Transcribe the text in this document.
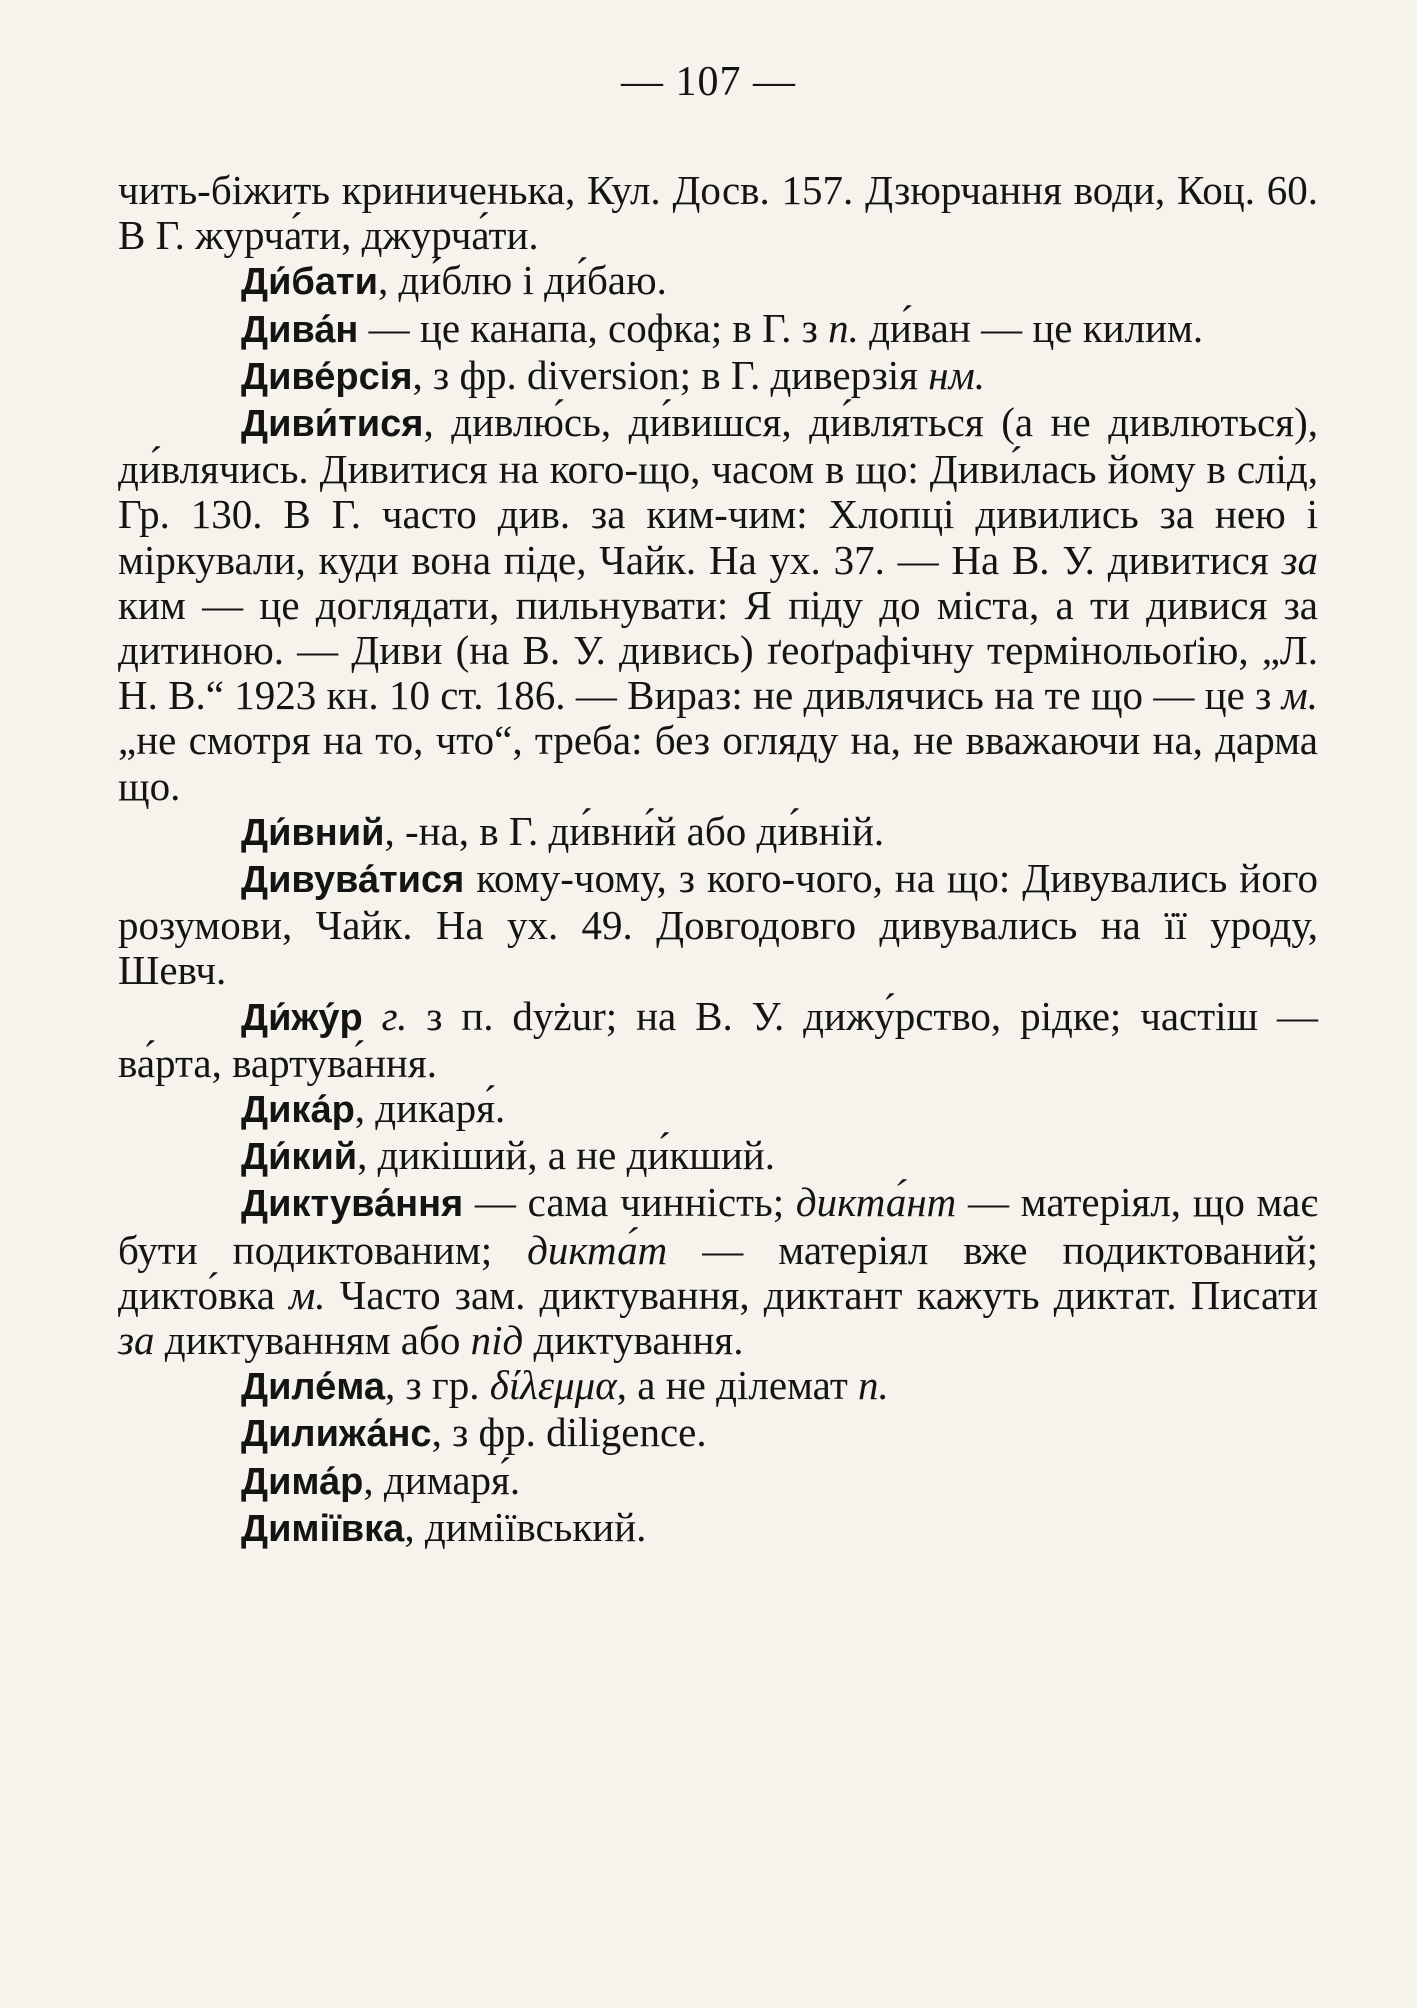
— 107 —

чить-біжить криниченька, Кул. Досв. 157. Дзюрчання води, Коц. 60. В Г. журча́ти, джурча́ти.

Ди́бати, ди́блю і ди́баю.

Дива́н — це канапа, софка; в Г. з п. ди́ван — це килим.

Диве́рсія, з фр. diversion; в Г. диверзія нм.

Диви́тися, дивлю́сь, ди́вишся, ди́вляться (а не дивлються), ди́влячись. Дивитися на кого-що, часом в що: Диви́лась йому в слід, Гр. 130. В Г. часто див. за ким-чим: Хлопці дивились за нею і міркували, куди вона піде, Чайк. На ух. 37. — На В. У. дивитися за ким — це доглядати, пильнувати: Я піду до міста, а ти дивися за дитиною. — Диви (на В. У. дивись) ґеоґрафічну термінольоґію, „Л. Н. В.“ 1923 кн. 10 ст. 186. — Вираз: не дивлячись на те що — це з м. „не смотря на то, что“, треба: без огляду на, не вважаючи на, дарма що.

Ди́вний, -на, в Г. ди́вни́й або ди́вній.

Дивува́тися кому-чому, з кого-чого, на що: Дивувались його розумови, Чайк. На ух. 49. Довгодовго дивувались на її уроду, Шевч.

Ди́жу́р г. з п. dyżur; на В. У. дижу́рство, рідке; частіш — ва́рта, вартува́ння.

Дика́р, дикаря́.

Ди́кий, дикіший, а не ди́кший.

Диктува́ння — сама чинність; дикта́нт — матеріял, що має бути подиктованим; дикта́т — матеріял вже подиктований; дикто́вка м. Часто зам. диктування, диктант кажуть диктат. Писати за диктуванням або під диктування.

Диле́ма, з гр. δίλεμμα, а не ділемат п.

Дилижа́нс, з фр. diligence.

Дима́р, димаря́.

Диміївка, диміївський.
